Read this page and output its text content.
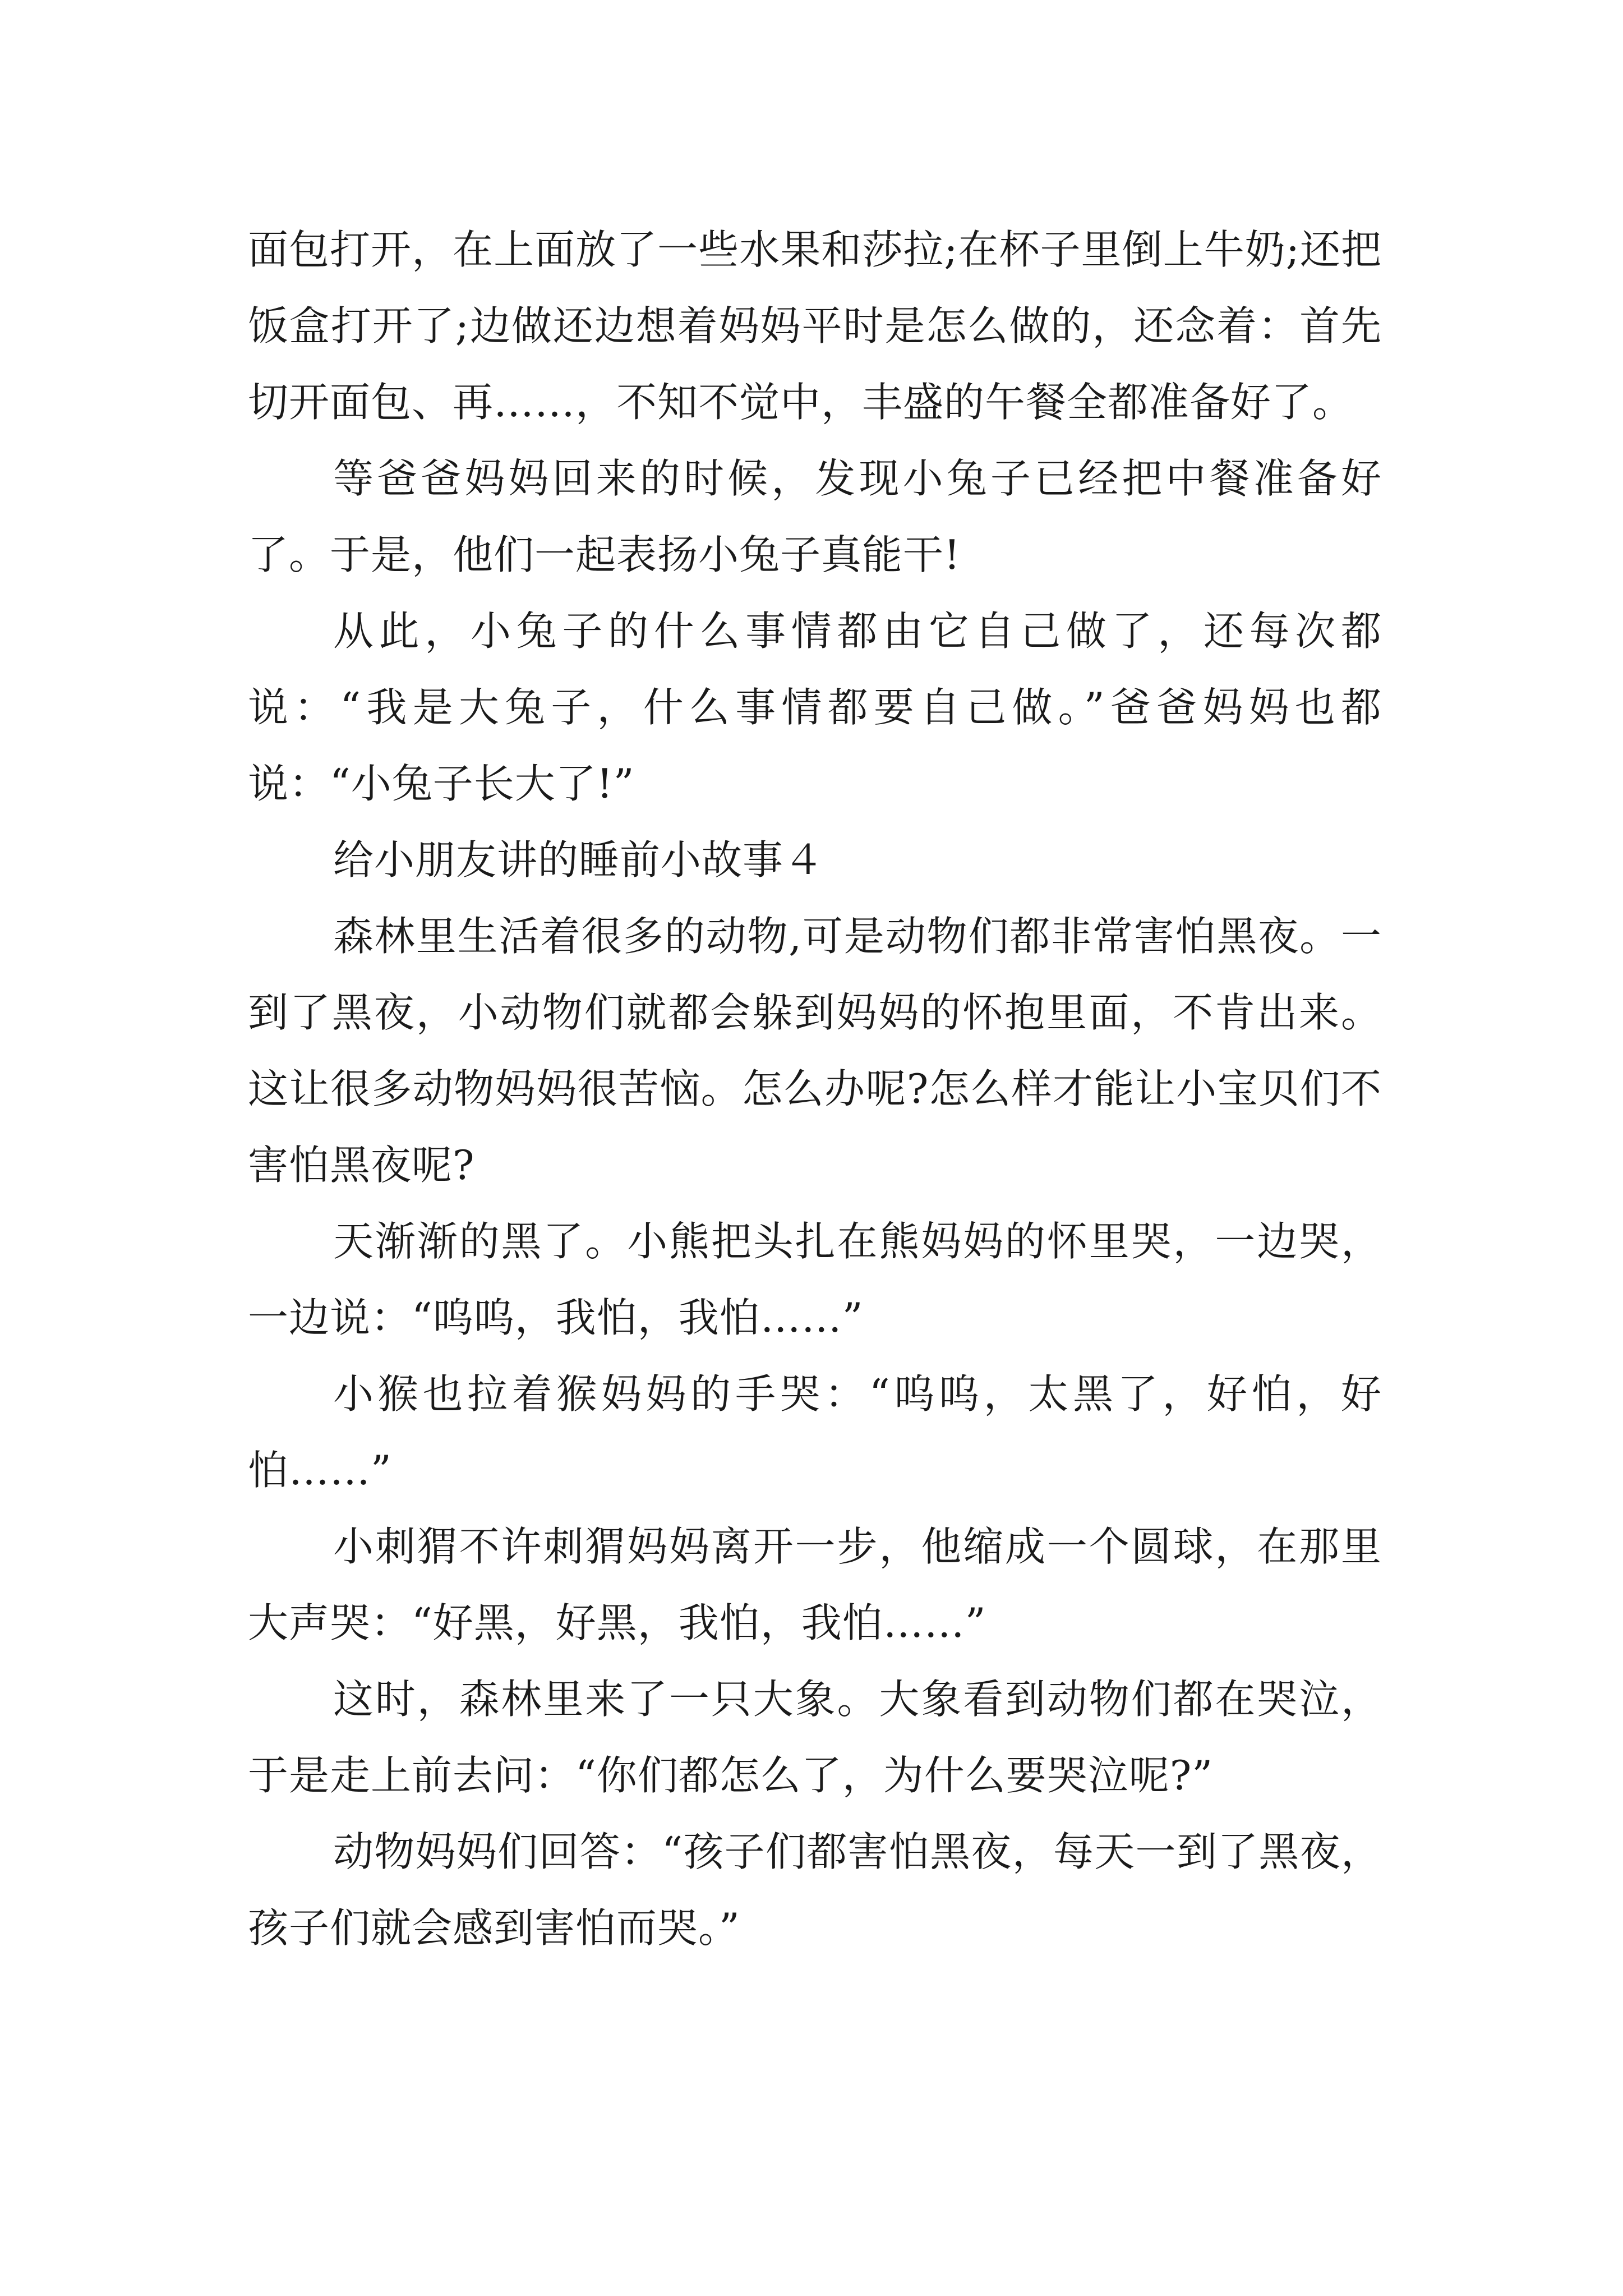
面包打开，在上面放了一些水果和莎拉;在杯子里倒上牛奶;还把饭盒打开了;边做还边想着妈妈平时是怎么做的，还念着：首先切开面包、再……，不知不觉中，丰盛的午餐全都准备好了。

等爸爸妈妈回来的时候，发现小兔子已经把中餐准备好了。于是，他们一起表扬小兔子真能干!

从此，小兔子的什么事情都由它自己做了，还每次都说：“我是大兔子，什么事情都要自己做。”爸爸妈妈也都说：“小兔子长大了!”

给小朋友讲的睡前小故事４

森林里生活着很多的动物,可是动物们都非常害怕黑夜。一到了黑夜，小动物们就都会躲到妈妈的怀抱里面，不肯出来。这让很多动物妈妈很苦恼。怎么办呢?怎么样才能让小宝贝们不害怕黑夜呢?

天渐渐的黑了。小熊把头扎在熊妈妈的怀里哭，一边哭，一边说：“呜呜，我怕，我怕……”

小猴也拉着猴妈妈的手哭：“呜呜，太黑了，好怕，好怕……”

小刺猬不许刺猬妈妈离开一步，他缩成一个圆球，在那里大声哭：“好黑，好黑，我怕，我怕……”

这时，森林里来了一只大象。大象看到动物们都在哭泣，于是走上前去问：“你们都怎么了，为什么要哭泣呢?”

动物妈妈们回答：“孩子们都害怕黑夜，每天一到了黑夜，孩子们就会感到害怕而哭。”
